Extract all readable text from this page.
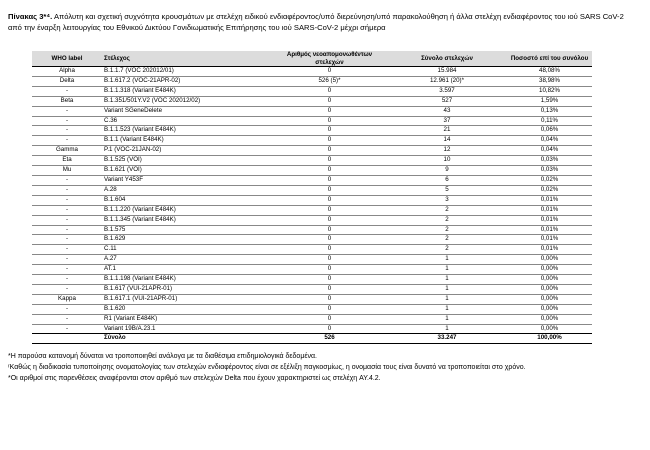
Πίνακας 3*⁴. Απόλυτη και σχετική συχνότητα κρουσμάτων με στελέχη ειδικού ενδιαφέροντος/υπό διερεύνηση/υπό παρακολούθηση ή άλλα στελέχη ενδιαφέροντος του ιού SARS CoV-2 από την έναρξη λειτουργίας του Εθνικού Δικτύου Γονιδιωματικής Επιτήρησης του ιού SARS-CoV-2 μέχρι σήμερα
WHO label	Στέλεχος	Αριθμός νεοαπομονωθέντων στελεχών	Σύνολο στελεχών	Ποσοστό επί του συνόλου
Alpha	B.1.1.7 (VOC 202012/01)	0	15.984	48,08%
Delta	B.1.617.2 (VOC-21APR-02)	526 (5)*	12.961 (20)*	38,98%
-	B.1.1.318 (Variant E484K)	0	3.597	10,82%
Beta	B.1.351/501Y.V2 (VOC 202012/02)	0	527	1,59%
-	Variant SGeneDelete	0	43	0,13%
-	C.36	0	37	0,11%
-	B.1.1.523 (Variant E484K)	0	21	0,06%
-	B.1.1 (Variant E484K)	0	14	0,04%
Gamma	P.1 (VOC-21JAN-02)	0	12	0,04%
Eta	B.1.525 (VOI)	0	10	0,03%
Mu	B.1.621 (VOI)	0	9	0,03%
-	Variant Y453F	0	6	0,02%
-	A.28	0	5	0,02%
-	B.1.604	0	3	0,01%
-	B.1.1.220 (Variant E484K)	0	2	0,01%
-	B.1.1.345 (Variant E484K)	0	2	0,01%
-	B.1.575	0	2	0,01%
-	B.1.629	0	2	0,01%
-	C.11	0	2	0,01%
-	A.27	0	1	0,00%
-	AT.1	0	1	0,00%
-	B.1.1.198 (Variant E484K)	0	1	0,00%
-	B.1.617 (VUI-21APR-01)	0	1	0,00%
Kappa	B.1.617.1 (VUI-21APR-01)	0	1	0,00%
-	B.1.620	0	1	0,00%
-	R1 (Variant E484K)	0	1	0,00%
-	Variant 19B/A.23.1	0	1	0,00%
	Σύνολο	526	33.247	100,00%

*Η παρούσα κατανομή δύναται να τροποποιηθεί ανάλογα με τα διαθέσιμα επιδημιολογικά δεδομένα.

ʳΚαθώς η διαδικασία τυποποίησης ονοματολογίας των στελεχών ενδιαφέροντος είναι σε εξέλιξη παγκοσμίως, η ονομασία τους είναι δυνατό να τροποποιείται στο χρόνο.

*Οι αριθμοί στις παρενθέσεις αναφέρονται στον αριθμό των στελεχών Delta που έχουν χαρακτηριστεί ως στελέχη AY.4.2.
